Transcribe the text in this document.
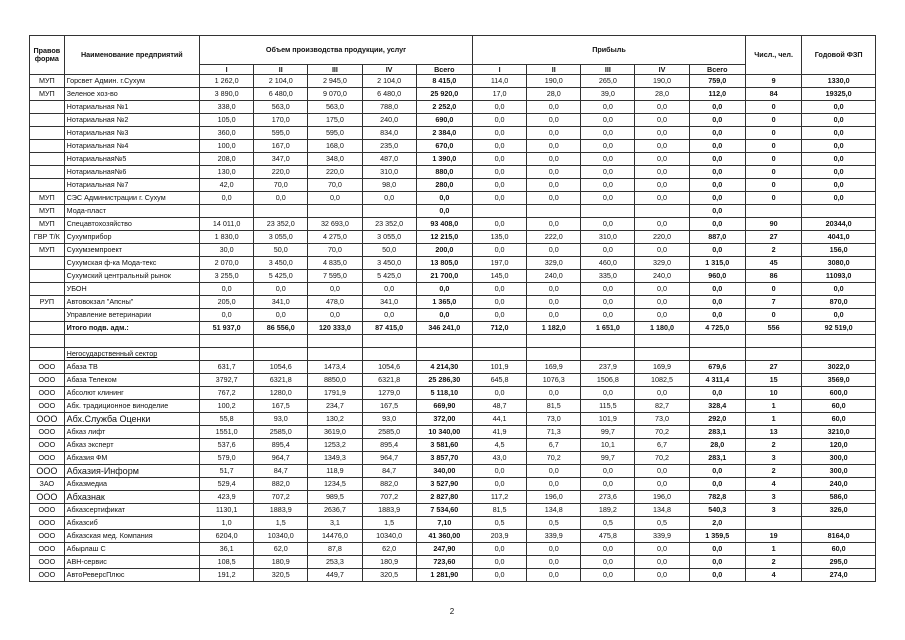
Правов форма	Наименование предприятий	Объем производства продукции, услуг					Прибыль					Числ., чел.	Годовой ФЗП
		I	II	III	IV	Всего	I	II	III	IV	Всего		
МУП	Горсвет Админ. г.Сухум	1 262,0	2 104,0	2 945,0	2 104,0	8 415,0	114,0	190,0	265,0	190,0	759,0	9	1330,0
МУП	Зеленое хоз-во	3 890,0	6 480,0	9 070,0	6 480,0	25 920,0	17,0	28,0	39,0	28,0	112,0	84	19325,0
	Нотариальная №1	338,0	563,0	563,0	788,0	2 252,0	0,0	0,0	0,0	0,0	0,0	0	0,0
	Нотариальная №2	105,0	170,0	175,0	240,0	690,0	0,0	0,0	0,0	0,0	0,0	0	0,0
	Нотариальная №3	360,0	595,0	595,0	834,0	2 384,0	0,0	0,0	0,0	0,0	0,0	0	0,0
	Нотариальная №4	100,0	167,0	168,0	235,0	670,0	0,0	0,0	0,0	0,0	0,0	0	0,0
	Нотариальная№5	208,0	347,0	348,0	487,0	1 390,0	0,0	0,0	0,0	0,0	0,0	0	0,0
	Нотариальная№6	130,0	220,0	220,0	310,0	880,0	0,0	0,0	0,0	0,0	0,0	0	0,0
	Нотариальная №7	42,0	70,0	70,0	98,0	280,0	0,0	0,0	0,0	0,0	0,0	0	0,0
МУП	СЭС Администрации г. Сухум	0,0	0,0	0,0	0,0	0,0	0,0	0,0	0,0	0,0	0,0	0	0,0
МУП	Мода-пласт					0,0					0,0		
МУП	Спецавтохозяйство	14 011,0	23 352,0	32 693,0	23 352,0	93 408,0	0,0	0,0	0,0	0,0	0,0	90	20344,0
ГВР Т/К	Сухумприбор	1 830,0	3 055,0	4 275,0	3 055,0	12 215,0	135,0	222,0	310,0	220,0	887,0	27	4041,0
МУП	Сухумземпроект	30,0	50,0	70,0	50,0	200,0	0,0	0,0	0,0	0,0	0,0	2	156,0
	Сухумская ф-ка Мода-текс	2 070,0	3 450,0	4 835,0	3 450,0	13 805,0	197,0	329,0	460,0	329,0	1 315,0	45	3080,0
	Сухумский центральный рынок	3 255,0	5 425,0	7 595,0	5 425,0	21 700,0	145,0	240,0	335,0	240,0	960,0	86	11093,0
	УБОН	0,0	0,0	0,0	0,0	0,0	0,0	0,0	0,0	0,0	0,0	0	0,0
РУП	Автовокзал "Апсны"	205,0	341,0	478,0	341,0	1 365,0	0,0	0,0	0,0	0,0	0,0	7	870,0
	Управление ветеринарии	0,0	0,0	0,0	0,0	0,0	0,0	0,0	0,0	0,0	0,0	0	0,0
	Итого подв. адм.:	51 937,0	86 556,0	120 333,0	87 415,0	346 241,0	712,0	1 182,0	1 651,0	1 180,0	4 725,0	556	92 519,0

	Негосударственный сектор												
ООО	Абаза ТВ	631,7	1054,6	1473,4	1054,6	4 214,30	101,9	169,9	237,9	169,9	679,6	27	3022,0
ООО	Абаза Телеком	3792,7	6321,8	8850,0	6321,8	25 286,30	645,8	1076,3	1506,8	1082,5	4 311,4	15	3569,0
ООО	Абсолют клининг	767,2	1280,0	1791,9	1279,0	5 118,10	0,0	0,0	0,0	0,0	0,0	10	600,0
ООО	Абх. традиционное виноделие	100,2	167,5	234,7	167,5	669,90	48,7	81,5	115,5	82,7	328,4	1	60,0
ООО	Абх.Служба Оценки	55,8	93,0	130,2	93,0	372,00	44,1	73,0	101,9	73,0	292,0	1	60,0
ООО	Абхаз лифт	1551,0	2585,0	3619,0	2585,0	10 340,00	41,9	71,3	99,7	70,2	283,1	13	3210,0
ООО	Абхаз эксперт	537,6	895,4	1253,2	895,4	3 581,60	4,5	6,7	10,1	6,7	28,0	2	120,0
ООО	Абхазия ФМ	579,0	964,7	1349,3	964,7	3 857,70	43,0	70,2	99,7	70,2	283,1	3	300,0
ООО	Абхазия-Информ	51,7	84,7	118,9	84,7	340,00	0,0	0,0	0,0	0,0	0,0	2	300,0
ЗАО	Абхазмедиа	529,4	882,0	1234,5	882,0	3 527,90	0,0	0,0	0,0	0,0	0,0	4	240,0
ООО	Абхазнак	423,9	707,2	989,5	707,2	2 827,80	117,2	196,0	273,6	196,0	782,8	3	586,0
ООО	Абхазсертификат	1130,1	1883,9	2636,7	1883,9	7 534,60	81,5	134,8	189,2	134,8	540,3	3	326,0
ООО	Абхазсиб	1,0	1,5	3,1	1,5	7,10	0,5	0,5	0,5	0,5	2,0		
ООО	Абхазская мед. Компания	6204,0	10340,0	14476,0	10340,0	41 360,00	203,9	339,9	475,8	339,9	1 359,5	19	8164,0
ООО	Абырлаш С	36,1	62,0	87,8	62,0	247,90	0,0	0,0	0,0	0,0	0,0	1	60,0
ООО	АВН-сервис	108,5	180,9	253,3	180,9	723,60	0,0	0,0	0,0	0,0	0,0	2	295,0
ООО	АвтоРеверсПлюс	191,2	320,5	449,7	320,5	1 281,90	0,0	0,0	0,0	0,0	0,0	4	274,0
2
